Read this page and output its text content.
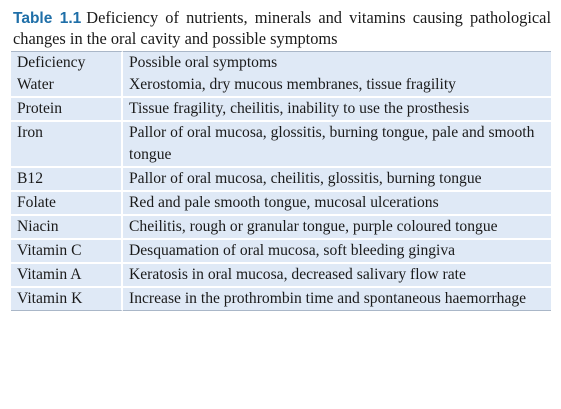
Table 1.1 Deficiency of nutrients, minerals and vitamins causing pathological changes in the oral cavity and possible symptoms

Deficiency	Possible oral symptoms
Water	Xerostomia, dry mucous membranes, tissue fragility
Protein	Tissue fragility, cheilitis, inability to use the prosthesis
Iron	Pallor of oral mucosa, glossitis, burning tongue, pale and smooth tongue
B12	Pallor of oral mucosa, cheilitis, glossitis, burning tongue
Folate	Red and pale smooth tongue, mucosal ulcerations
Niacin	Cheilitis, rough or granular tongue, purple coloured tongue
Vitamin C	Desquamation of oral mucosa, soft bleeding gingiva
Vitamin A	Keratosis in oral mucosa, decreased salivary flow rate
Vitamin K	Increase in the prothrombin time and spontaneous haemorrhage
